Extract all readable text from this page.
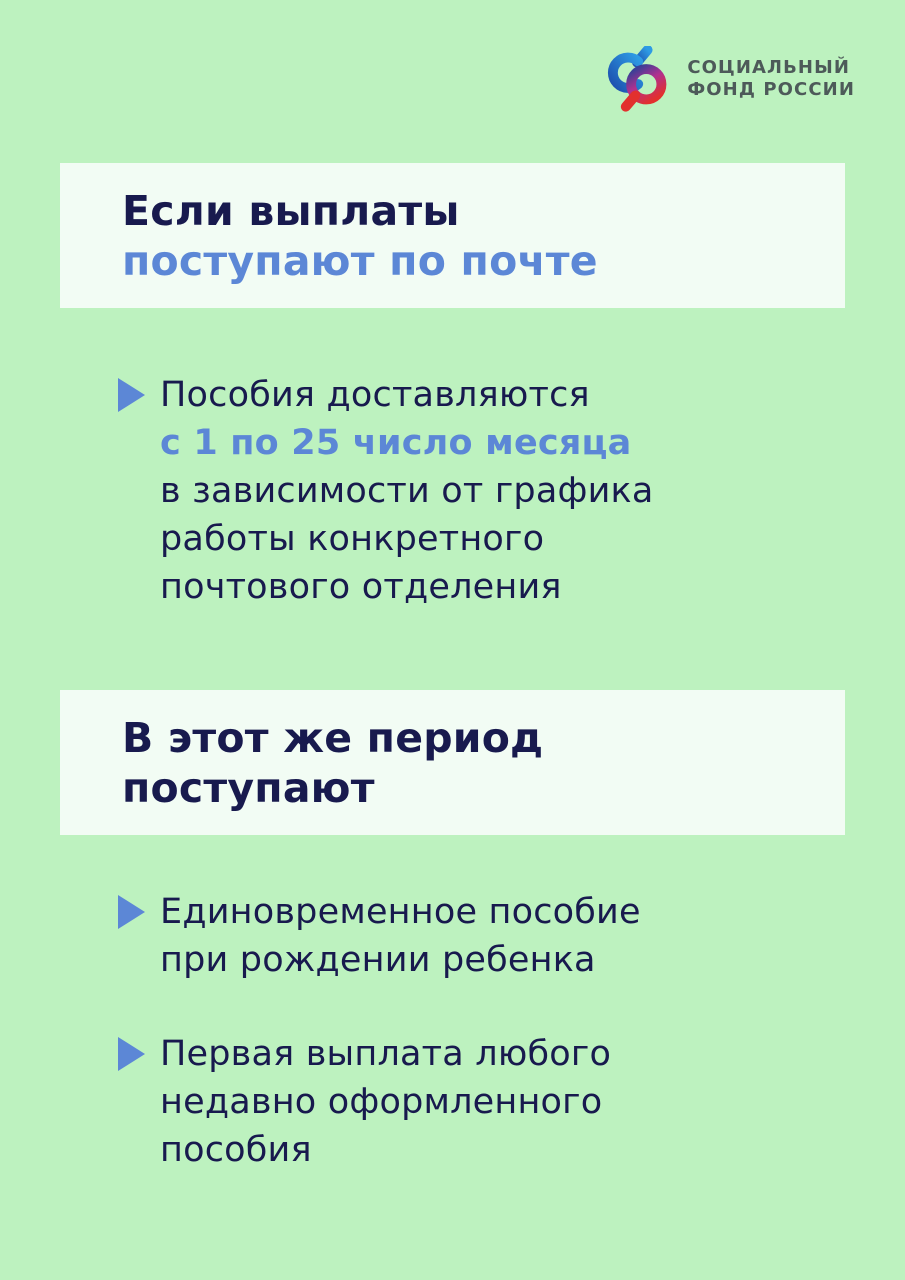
СОЦИАЛЬНЫЙ
ФОНД РОССИИ
Если выплаты
поступают по почте
Пособия доставляются
с 1 по 25 число месяца
в зависимости от графика
работы конкретного
почтового отделения
В этот же период
поступают
Единовременное пособие
при рождении ребенка
Первая выплата любого
недавно оформленного
пособия
